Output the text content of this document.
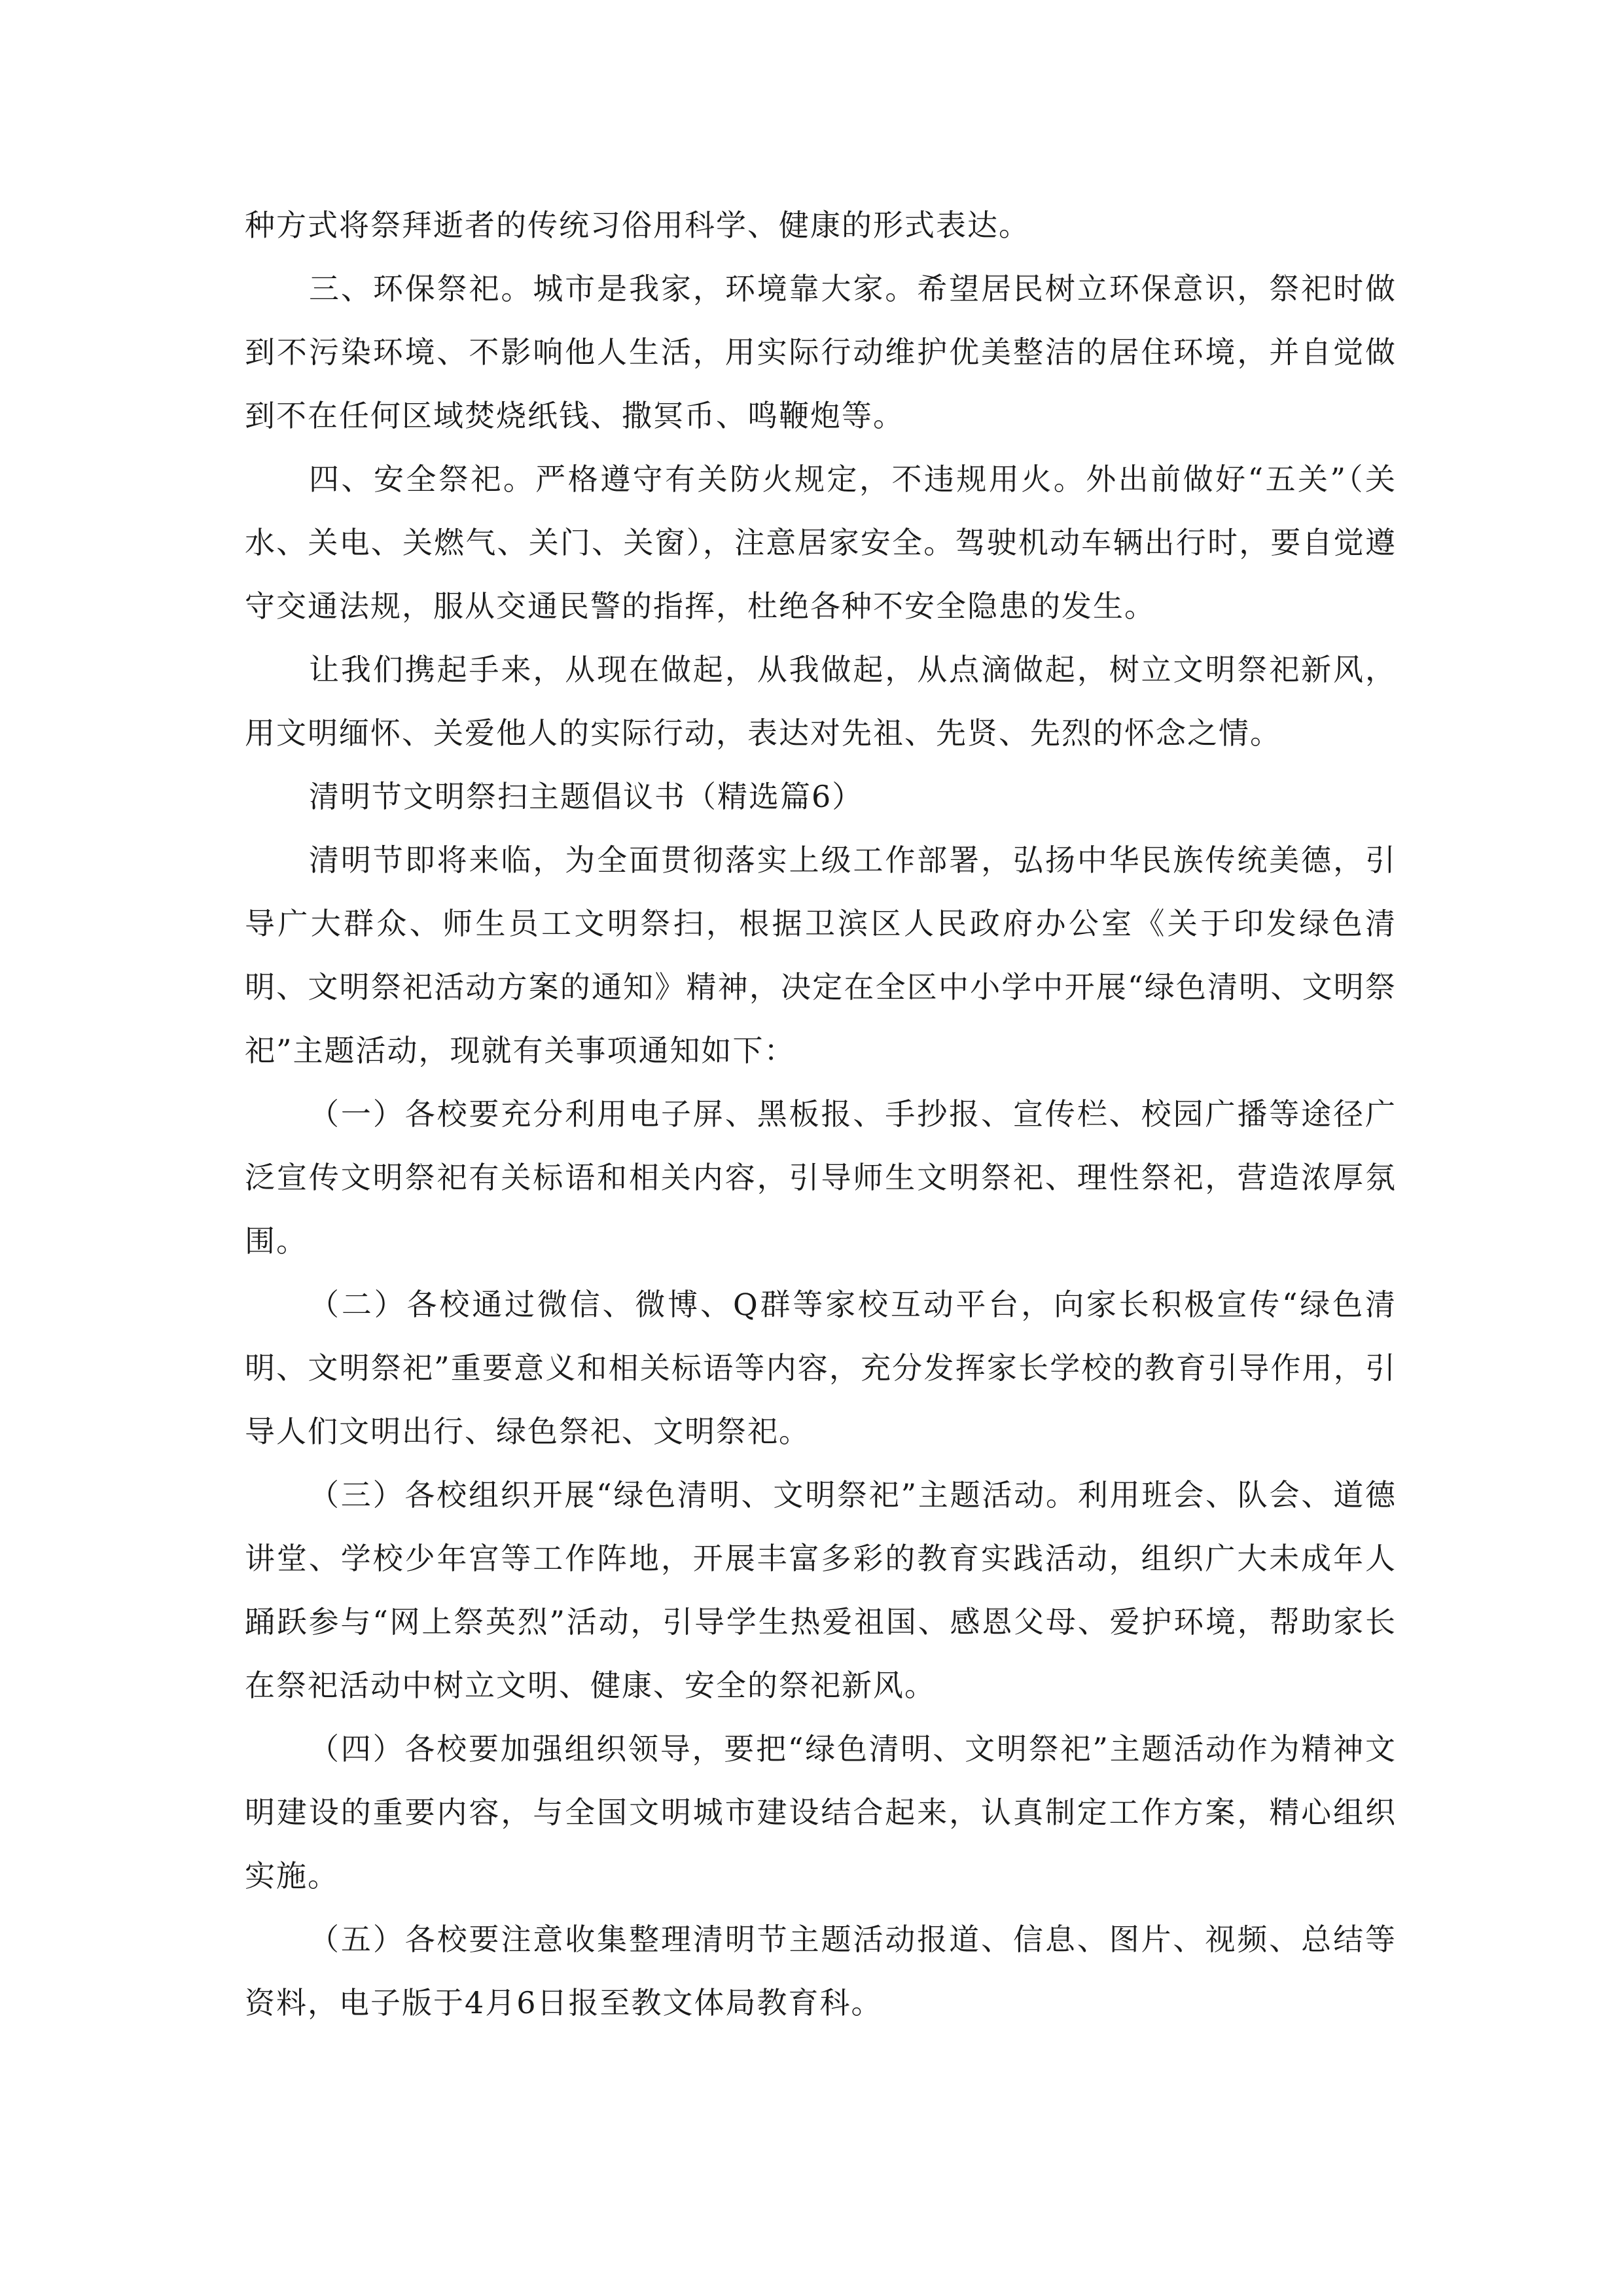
种方式将祭拜逝者的传统习俗用科学、健康的形式表达。

三、环保祭祀。城市是我家，环境靠大家。希望居民树立环保意识，祭祀时做到不污染环境、不影响他人生活，用实际行动维护优美整洁的居住环境，并自觉做到不在任何区域焚烧纸钱、撒冥币、鸣鞭炮等。

四、安全祭祀。严格遵守有关防火规定，不违规用火。外出前做好“五关”（关水、关电、关燃气、关门、关窗），注意居家安全。驾驶机动车辆出行时，要自觉遵守交通法规，服从交通民警的指挥，杜绝各种不安全隐患的发生。

让我们携起手来，从现在做起，从我做起，从点滴做起，树立文明祭祀新风，用文明缅怀、关爱他人的实际行动，表达对先祖、先贤、先烈的怀念之情。

清明节文明祭扫主题倡议书（精选篇6）

清明节即将来临，为全面贯彻落实上级工作部署，弘扬中华民族传统美德，引导广大群众、师生员工文明祭扫，根据卫滨区人民政府办公室《关于印发绿色清明、文明祭祀活动方案的通知》精神，决定在全区中小学中开展“绿色清明、文明祭祀”主题活动，现就有关事项通知如下：

（一）各校要充分利用电子屏、黑板报、手抄报、宣传栏、校园广播等途径广泛宣传文明祭祀有关标语和相关内容，引导师生文明祭祀、理性祭祀，营造浓厚氛围。

（二）各校通过微信、微博、Q群等家校互动平台，向家长积极宣传“绿色清明、文明祭祀”重要意义和相关标语等内容，充分发挥家长学校的教育引导作用，引导人们文明出行、绿色祭祀、文明祭祀。

（三）各校组织开展“绿色清明、文明祭祀”主题活动。利用班会、队会、道德讲堂、学校少年宫等工作阵地，开展丰富多彩的教育实践活动，组织广大未成年人踊跃参与“网上祭英烈”活动，引导学生热爱祖国、感恩父母、爱护环境，帮助家长在祭祀活动中树立文明、健康、安全的祭祀新风。

（四）各校要加强组织领导，要把“绿色清明、文明祭祀”主题活动作为精神文明建设的重要内容，与全国文明城市建设结合起来，认真制定工作方案，精心组织实施。

（五）各校要注意收集整理清明节主题活动报道、信息、图片、视频、总结等资料，电子版于4月6日报至教文体局教育科。
